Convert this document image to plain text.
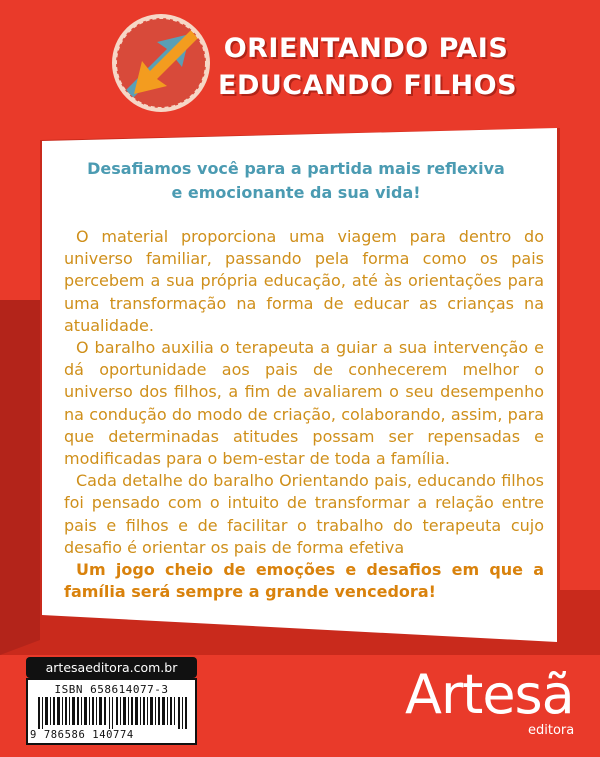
ORIENTANDO PAIS
EDUCANDO FILHOS
Desafiamos você para a partida mais reflexiva e emocionante da sua vida!

O material proporciona uma viagem para dentro do universo familiar, passando pela forma como os pais percebem a sua própria educação, até às orientações para uma transformação na forma de educar as crianças na atualidade.

O baralho auxilia o terapeuta a guiar a sua intervenção e dá oportunidade aos pais de conhecerem melhor o universo dos filhos, a fim de avaliarem o seu desempenho na condução do modo de criação, colaborando, assim, para que determinadas atitudes possam ser repensadas e modificadas para o bem-estar de toda a família.

Cada detalhe do baralho Orientando pais, educando filhos foi pensado com o intuito de transformar a relação entre pais e filhos e de facilitar o trabalho do terapeuta cujo desafio é orientar os pais de forma efetiva

Um jogo cheio de emoções e desafios em que a família será sempre a grande vencedora!

artesaeditora.com.br
ISBN 658614077-3
9 786586 140774
Artesã
editora
